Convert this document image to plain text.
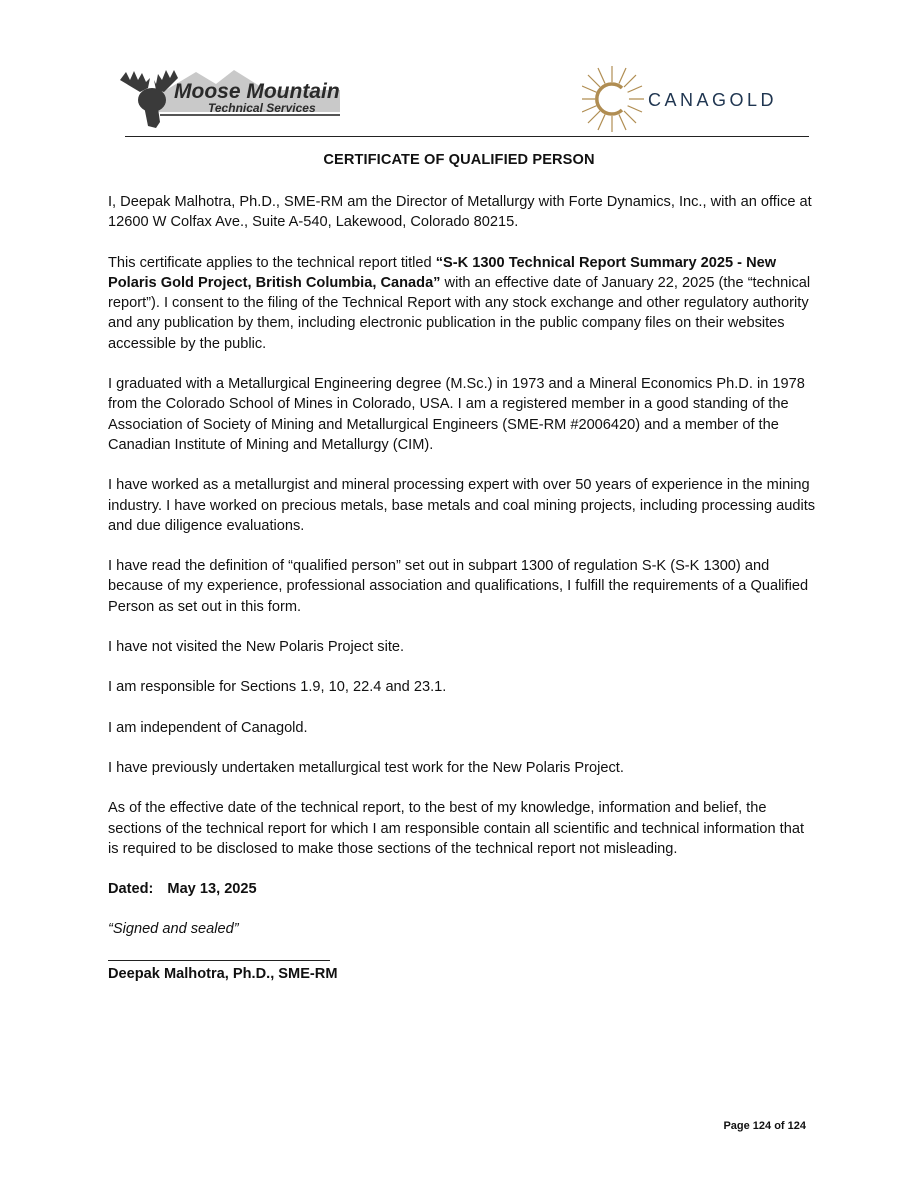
Moose Mountain
Technical Services	CANAGOLD
CERTIFICATE OF QUALIFIED PERSON

I, Deepak Malhotra, Ph.D., SME-RM am the Director of Metallurgy with Forte Dynamics, Inc., with an office at 12600 W Colfax Ave., Suite A-540, Lakewood, Colorado 80215.

This certificate applies to the technical report titled “S-K 1300 Technical Report Summary 2025 - New Polaris Gold Project, British Columbia, Canada” with an effective date of January 22, 2025 (the “technical report”). I consent to the filing of the Technical Report with any stock exchange and other regulatory authority and any publication by them, including electronic publication in the public company files on their websites accessible by the public.

I graduated with a Metallurgical Engineering degree (M.Sc.) in 1973 and a Mineral Economics Ph.D. in 1978 from the Colorado School of Mines in Colorado, USA. I am a registered member in a good standing of the Association of Society of Mining and Metallurgical Engineers (SME-RM #2006420) and a member of the Canadian Institute of Mining and Metallurgy (CIM).

I have worked as a metallurgist and mineral processing expert with over 50 years of experience in the mining industry. I have worked on precious metals, base metals and coal mining projects, including processing audits and due diligence evaluations.

I have read the definition of “qualified person” set out in subpart 1300 of regulation S-K (S-K 1300) and because of my experience, professional association and qualifications, I fulfill the requirements of a Qualified Person as set out in this form.

I have not visited the New Polaris Project site.

I am responsible for Sections 1.9, 10, 22.4 and 23.1.

I am independent of Canagold.

I have previously undertaken metallurgical test work for the New Polaris Project.

As of the effective date of the technical report, to the best of my knowledge, information and belief, the sections of the technical report for which I am responsible contain all scientific and technical information that is required to be disclosed to make those sections of the technical report not misleading.

Dated: May 13, 2025

“Signed and sealed”

Deepak Malhotra, Ph.D., SME-RM

Page 124 of 124
